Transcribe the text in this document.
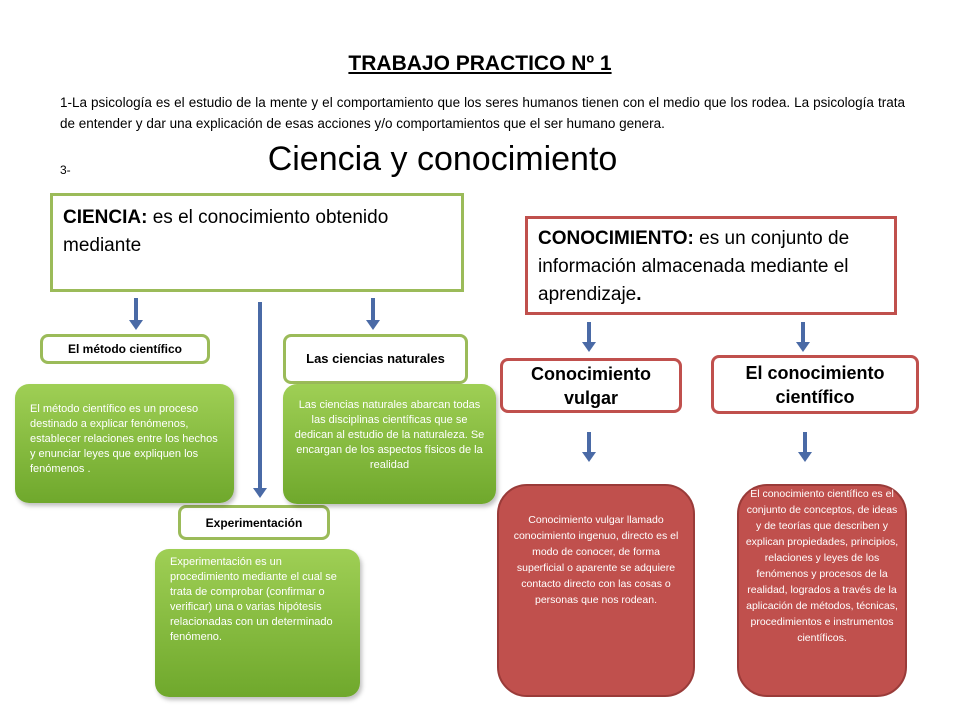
TRABAJO PRACTICO Nº 1
1-La psicología es el estudio de la mente y el comportamiento que los seres humanos tienen con el medio que los rodea. La psicología trata de entender y dar una explicación de esas acciones y/o comportamientos que el ser humano genera.
3-	Ciencia y conocimiento
CIENCIA: es el conocimiento obtenido mediante	CONOCIMIENTO: es un conjunto de información almacenada mediante el aprendizaje.
El método científico
Las ciencias naturales
Experimentación
Conocimiento vulgar
El conocimiento científico
El método científico es un proceso destinado a explicar fenómenos, establecer relaciones entre los hechos y enunciar leyes que expliquen los fenómenos .
Las ciencias naturales abarcan todas las disciplinas científicas que se dedican al estudio de la naturaleza. Se encargan de los aspectos físicos de la realidad
Experimentación es un procedimiento mediante el cual se trata de comprobar (confirmar o verificar) una o varias hipótesis relacionadas con un determinado fenómeno.
Conocimiento vulgar llamado conocimiento ingenuo, directo es el modo de conocer, de forma superficial o aparente se adquiere contacto directo con las cosas o personas que nos rodean.
El conocimiento científico es el conjunto de conceptos, de ideas y de teorías que describen y explican propiedades, principios, relaciones y leyes de los fenómenos y procesos de la realidad, logrados a través de la aplicación de métodos, técnicas, procedimientos e instrumentos científicos.
